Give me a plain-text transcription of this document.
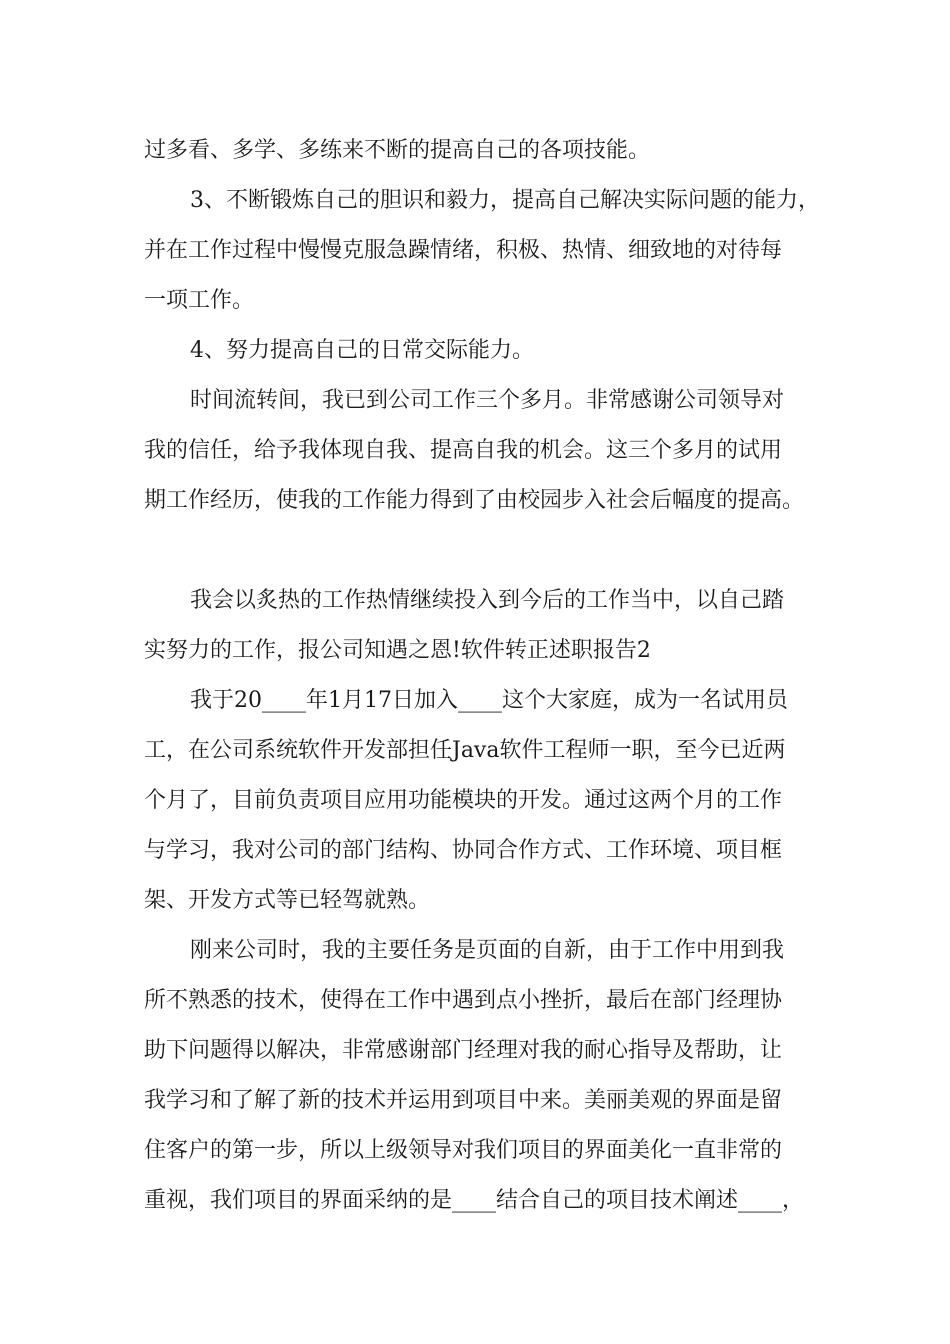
过多看、多学、多练来不断的提高自己的各项技能。

3、不断锻炼自己的胆识和毅力，提高自己解决实际问题的能力，

并在工作过程中慢慢克服急躁情绪，积极、热情、细致地的对待每

一项工作。

4、努力提高自己的日常交际能力。

时间流转间，我已到公司工作三个多月。非常感谢公司领导对

我的信任，给予我体现自我、提高自我的机会。这三个多月的试用

期工作经历，使我的工作能力得到了由校园步入社会后幅度的提高。

我会以炙热的工作热情继续投入到今后的工作当中，以自己踏

实努力的工作，报公司知遇之恩!软件转正述职报告2

我于20____年1月17日加入____这个大家庭，成为一名试用员

工，在公司系统软件开发部担任Java软件工程师一职，至今已近两

个月了，目前负责项目应用功能模块的开发。通过这两个月的工作

与学习，我对公司的部门结构、协同合作方式、工作环境、项目框

架、开发方式等已轻驾就熟。

刚来公司时，我的主要任务是页面的自新，由于工作中用到我

所不熟悉的技术，使得在工作中遇到点小挫折，最后在部门经理协

助下问题得以解决，非常感谢部门经理对我的耐心指导及帮助，让

我学习和了解了新的技术并运用到项目中来。美丽美观的界面是留

住客户的第一步，所以上级领导对我们项目的界面美化一直非常的

重视，我们项目的界面采纳的是____结合自己的项目技术阐述____，
